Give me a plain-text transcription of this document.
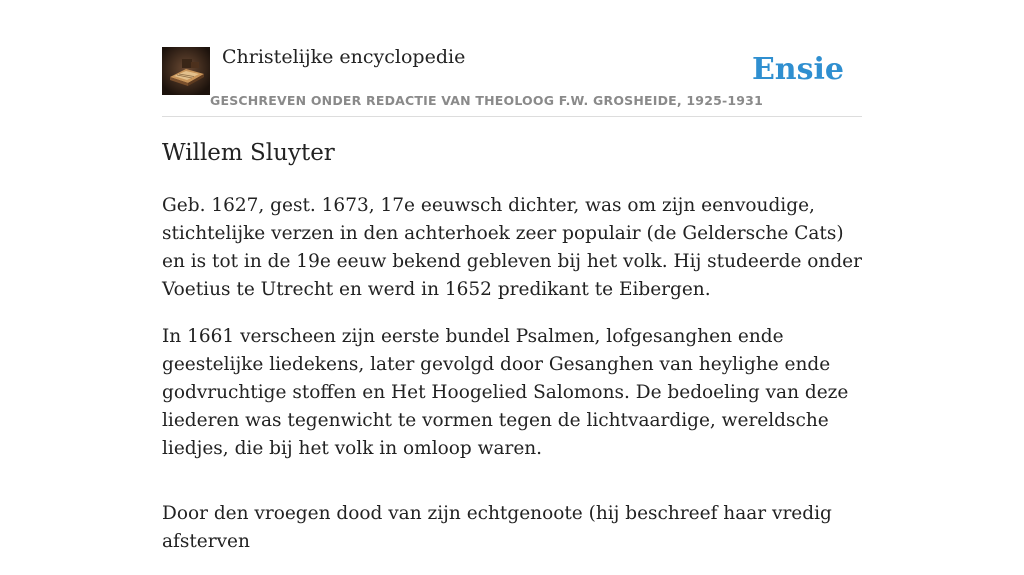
Christelijke encyclopedie
GESCHREVEN ONDER REDACTIE VAN THEOLOOG F.W. GROSHEIDE, 1925-1931
Ensie
Willem Sluyter

Geb. 1627, gest. 1673, 17e eeuwsch dichter, was om zijn eenvoudige, stichtelijke verzen in den achterhoek zeer populair (de Geldersche Cats) en is tot in de 19e eeuw bekend gebleven bij het volk. Hij studeerde onder Voetius te Utrecht en werd in 1652 predikant te Eibergen.

In 1661 verscheen zijn eerste bundel Psalmen, lofgesanghen ende geestelijke liedekens, later gevolgd door Gesanghen van heylighe ende godvruchtige stoffen en Het Hoogelied Salomons. De bedoeling van deze liederen was tegenwicht te vormen tegen de lichtvaardige, wereldsche liedjes, die bij het volk in omloop waren.

Door den vroegen dood van zijn echtgenoote (hij beschreef haar vredig afsterven
